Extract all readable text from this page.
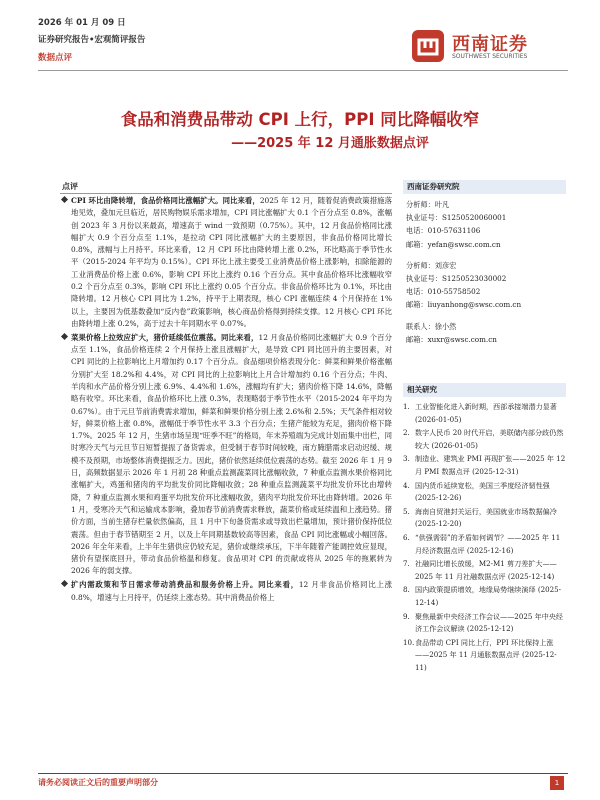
2026 年 01 月 09 日
证券研究报告•宏观简评报告
数据点评
西南证券
SOUTHWEST SECURITIES
食品和消费品带动 CPI 上行，PPI 同比降幅收窄
——2025 年 12 月通胀数据点评
点评

CPI 环比由降转增，食品价格同比涨幅扩大。同比来看，2025 年 12 月，随着促消费政策措施落地见效，叠加元旦临近，居民购物娱乐需求增加，CPI 同比涨幅扩大 0.1 个百分点至 0.8%，涨幅创 2023 年 3 月份以来最高，增速高于 wind 一致预期（0.75%）。其中，12 月食品价格同比涨幅扩大 0.9 个百分点至 1.1%，是拉动 CPI 同比涨幅扩大的主要原因，非食品价格同比增长 0.8%，涨幅与上月持平。环比来看，12 月 CPI 环比由降转增上涨 0.2%，环比略高于季节性水平（2015-2024 年平均为 0.15%）。CPI 环比上涨主要受工业消费品价格上涨影响，扣除能源的工业消费品价格上涨 0.6%，影响 CPI 环比上涨约 0.16 个百分点。其中食品价格环比涨幅收窄 0.2 个百分点至 0.3%，影响 CPI 环比上涨约 0.05 个百分点。非食品价格环比为 0.1%，环比由降转增。12 月核心 CPI 同比为 1.2%，持平于上期表现，核心 CPI 涨幅连续 4 个月保持在 1%以上，主要因为低基数叠加“反内卷”政策影响，核心商品价格得到持续支撑。12 月核心 CPI 环比由降转增上涨 0.2%，高于过去十年同期水平 0.07%。

菜果价格上拉效应扩大，猪价延续低位震荡。同比来看，12 月食品价格同比涨幅扩大 0.9 个百分点至 1.1%，食品价格连续 2 个月保持上涨且涨幅扩大，是导致 CPI 同比回升的主要因素，对 CPI 同比的上拉影响比上月增加约 0.17 个百分点。食品细项价格表现分化：鲜菜和鲜果价格涨幅分别扩大至 18.2%和 4.4%，对 CPI 同比的上拉影响比上月合计增加约 0.16 个百分点；牛肉、羊肉和水产品价格分别上涨 6.9%、4.4%和 1.6%，涨幅均有扩大；猪肉价格下降 14.6%，降幅略有收窄。环比来看，食品价格环比上涨 0.3%，表现略弱于季节性水平（2015-2024 年平均为 0.67%）。由于元旦节前消费需求增加，鲜菜和鲜果价格分别上涨 2.6%和 2.5%；天气条件相对较好，鲜菜价格上涨 0.8%，涨幅低于季节性水平 3.3 个百分点；生猪产能较为充足，猪肉价格下降 1.7%。2025 年 12 月，生猪市场呈现“旺季不旺”的格局，年末养殖端为完成计划而集中出栏，同时寒冷天气与元旦节日短暂提振了备货需求，但受制于春节时间较晚，南方腌腊需求启动迟缓、规模不及预期，市场整体消费提振乏力。因此，猪价依然延续低位震荡的态势。截至 2026 年 1 月 9 日，高频数据显示 2026 年 1 月初 28 种重点监测蔬菜同比涨幅收敛，7 种重点监测水果价格同比涨幅扩大，鸡蛋和猪肉的平均批发价同比降幅收敛；28 种重点监测蔬菜平均批发价环比由增转降，7 种重点监测水果和鸡蛋平均批发价环比涨幅收敛，猪肉平均批发价环比由降转增。2026 年 1 月，受寒冷天气和运输成本影响，叠加春节前消费需求释放，蔬菜价格或延续温和上涨趋势。猪价方面，当前生猪存栏量依然偏高，且 1 月中下旬备货需求或导致出栏量增加，预计猪价保持低位震荡。但由于春节错期至 2 月，以及上年同期基数较高等因素，食品 CPI 同比涨幅或小幅回落。2026 年全年来看，上半年生猪供应仍较充足，猪价或继续承压，下半年随着产能调控效应显现，猪价有望探底回升，带动食品价格温和修复。食品项对 CPI 的贡献或将从 2025 年的拖累转为 2026 年的弱支撑。

扩内需政策和节日需求带动消费品和服务价格上升。同比来看，12 月非食品价格同比上涨 0.8%，增速与上月持平，仍延续上涨态势。其中消费品价格上

西南证券研究院
分析师：叶凡
执业证号：S1250520060001
电话：010-57631106
邮箱：yefan@swsc.com.cn
分析师：刘彦宏
执业证号：S1250523030002
电话：010-55758502
邮箱：liuyanhong@swsc.com.cn
联系人：徐小然
邮箱：xuxr@swsc.com.cn
相关研究
1. 工业智能化进入新时期，西部承接端潜力显著 (2026-01-05)
2. 数字人民币 20 时代开启，美联储内部分歧仍然较大 (2026-01-05)
3. 制造业、建筑业 PMI 再现扩张——2025 年 12 月 PMI 数据点评 (2025-12-31)
4. 国内货币延续宽松，美国三季度经济韧性强 (2025-12-26)
5. 海南自贸港封关运行，美国就业市场数据偏冷 (2025-12-20)
6. “供强需弱”的矛盾如何调节？——2025 年 11 月经济数据点评 (2025-12-16)
7. 社融同比增长放缓，M2-M1 剪刀差扩大——2025 年 11 月社融数据点评 (2025-12-14)
8. 国内政策提质增效，地缘局势继续演绎 (2025-12-14)
9. 聚焦最新中央经济工作会议——2025 年中央经济工作会议解读 (2025-12-12)
10. 食品带动 CPI 同比上行，PPI 环比保持上涨——2025 年 11 月通胀数据点评 (2025-12-11)
请务必阅读正文后的重要声明部分	1
